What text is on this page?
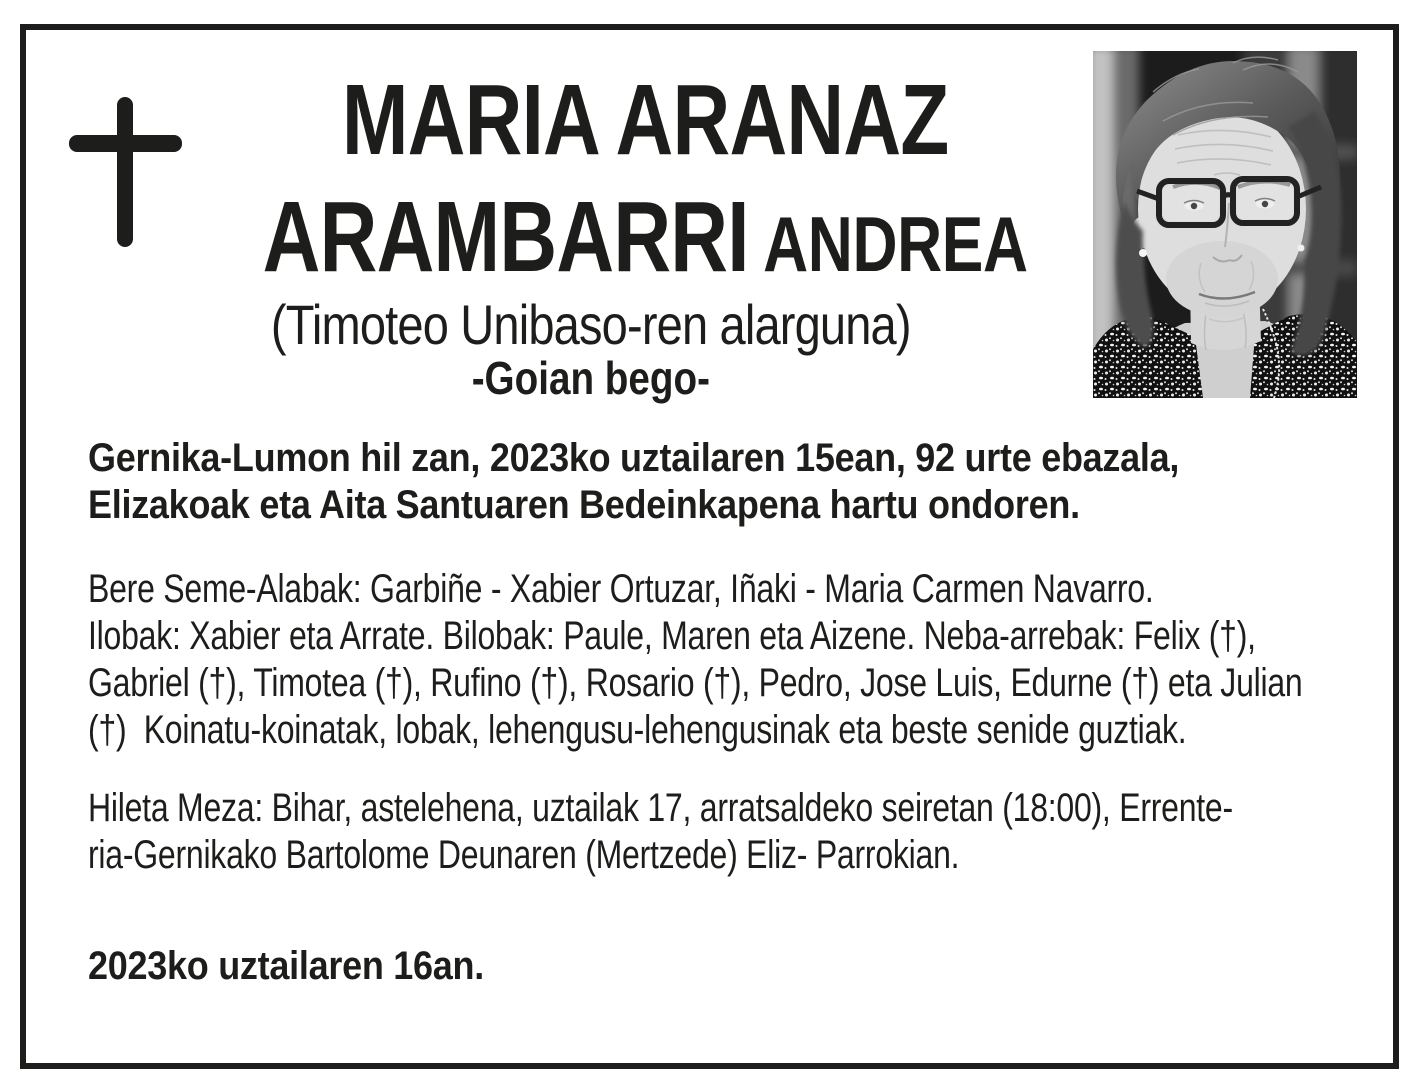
MARIA ARANAZ
ARAMBARRI ANDREA
(Timoteo Unibaso-ren alarguna)
-Goian bego-
Gernika-Lumon hil zan, 2023ko uztailaren 15ean, 92 urte ebazala,
Elizakoak eta Aita Santuaren Bedeinkapena hartu ondoren.
Bere Seme-Alabak: Garbiñe - Xabier Ortuzar, Iñaki - Maria Carmen Navarro.
Ilobak: Xabier eta Arrate. Bilobak: Paule, Maren eta Aizene. Neba-arrebak: Felix (†),
Gabriel (†), Timotea (†), Rufino (†), Rosario (†), Pedro, Jose Luis, Edurne (†) eta Julian
(†)  Koinatu-koinatak, lobak, lehengusu-lehengusinak eta beste senide guztiak.
Hileta Meza: Bihar, astelehena, uztailak 17, arratsaldeko seiretan (18:00), Errente-
ria-Gernikako Bartolome Deunaren (Mertzede) Eliz- Parrokian.
2023ko uztailaren 16an.
